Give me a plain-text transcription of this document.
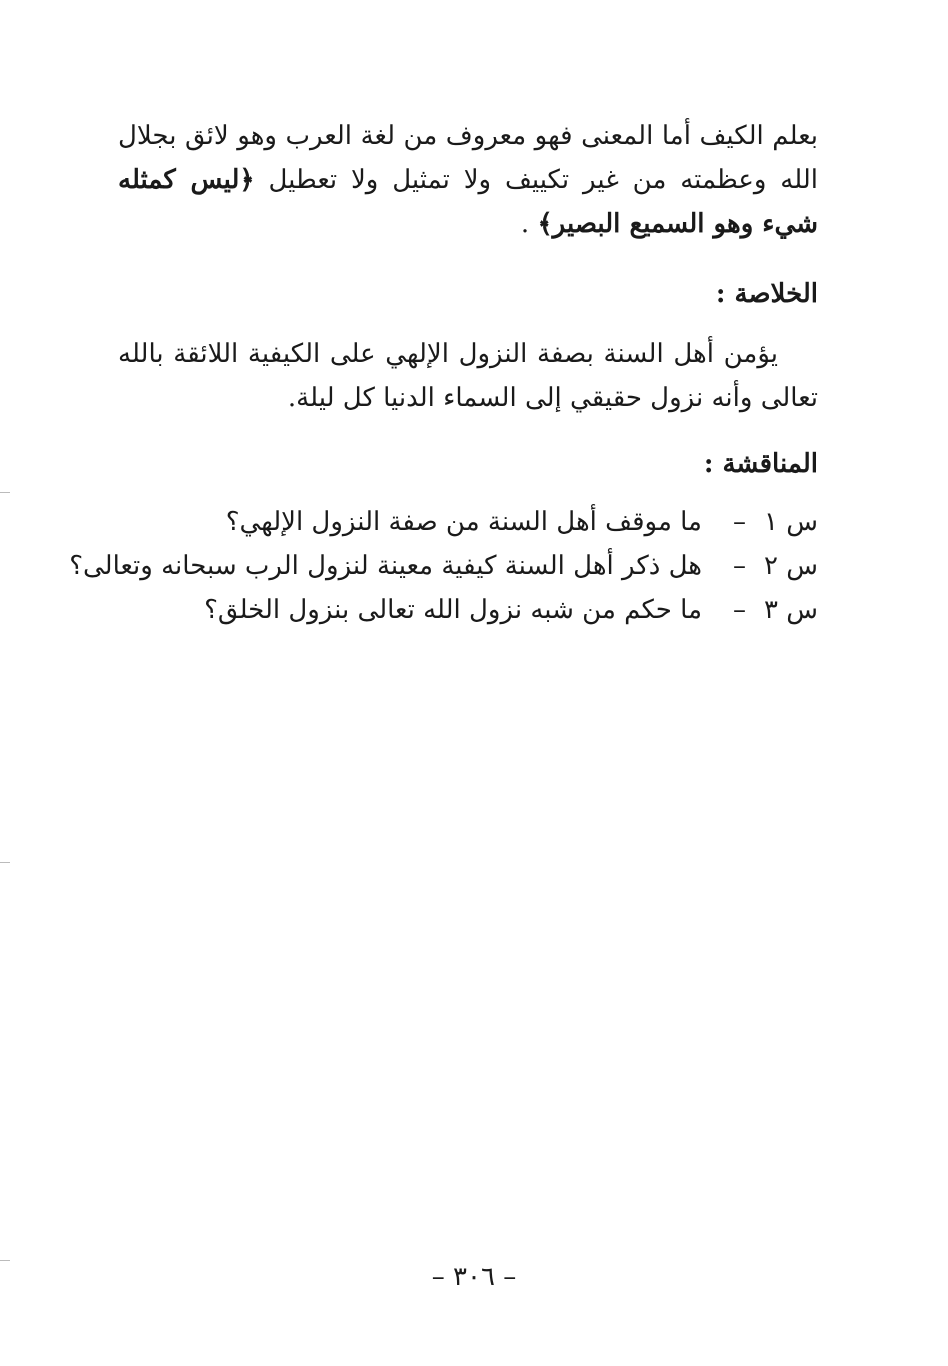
بعلم الكيف أما المعنى فهو معروف من لغة العرب وهو لائق بجلال الله وعظمته من غير تكييف ولا تمثيل ولا تعطيل ﴿ليس كمثله شيء وهو السميع البصير﴾ .

الخلاصة :

يؤمن أهل السنة بصفة النزول الإلهي على الكيفية اللائقة بالله تعالى وأنه نزول حقيقي إلى السماء الدنيا كل ليلة.

المناقشة :
س ١
–
ما موقف أهل السنة من صفة النزول الإلهي؟
س ٢
–
هل ذكر أهل السنة كيفية معينة لنزول الرب سبحانه وتعالى؟
س ٣
–
ما حكم من شبه نزول الله تعالى بنزول الخلق؟
– ٣٠٦ –
